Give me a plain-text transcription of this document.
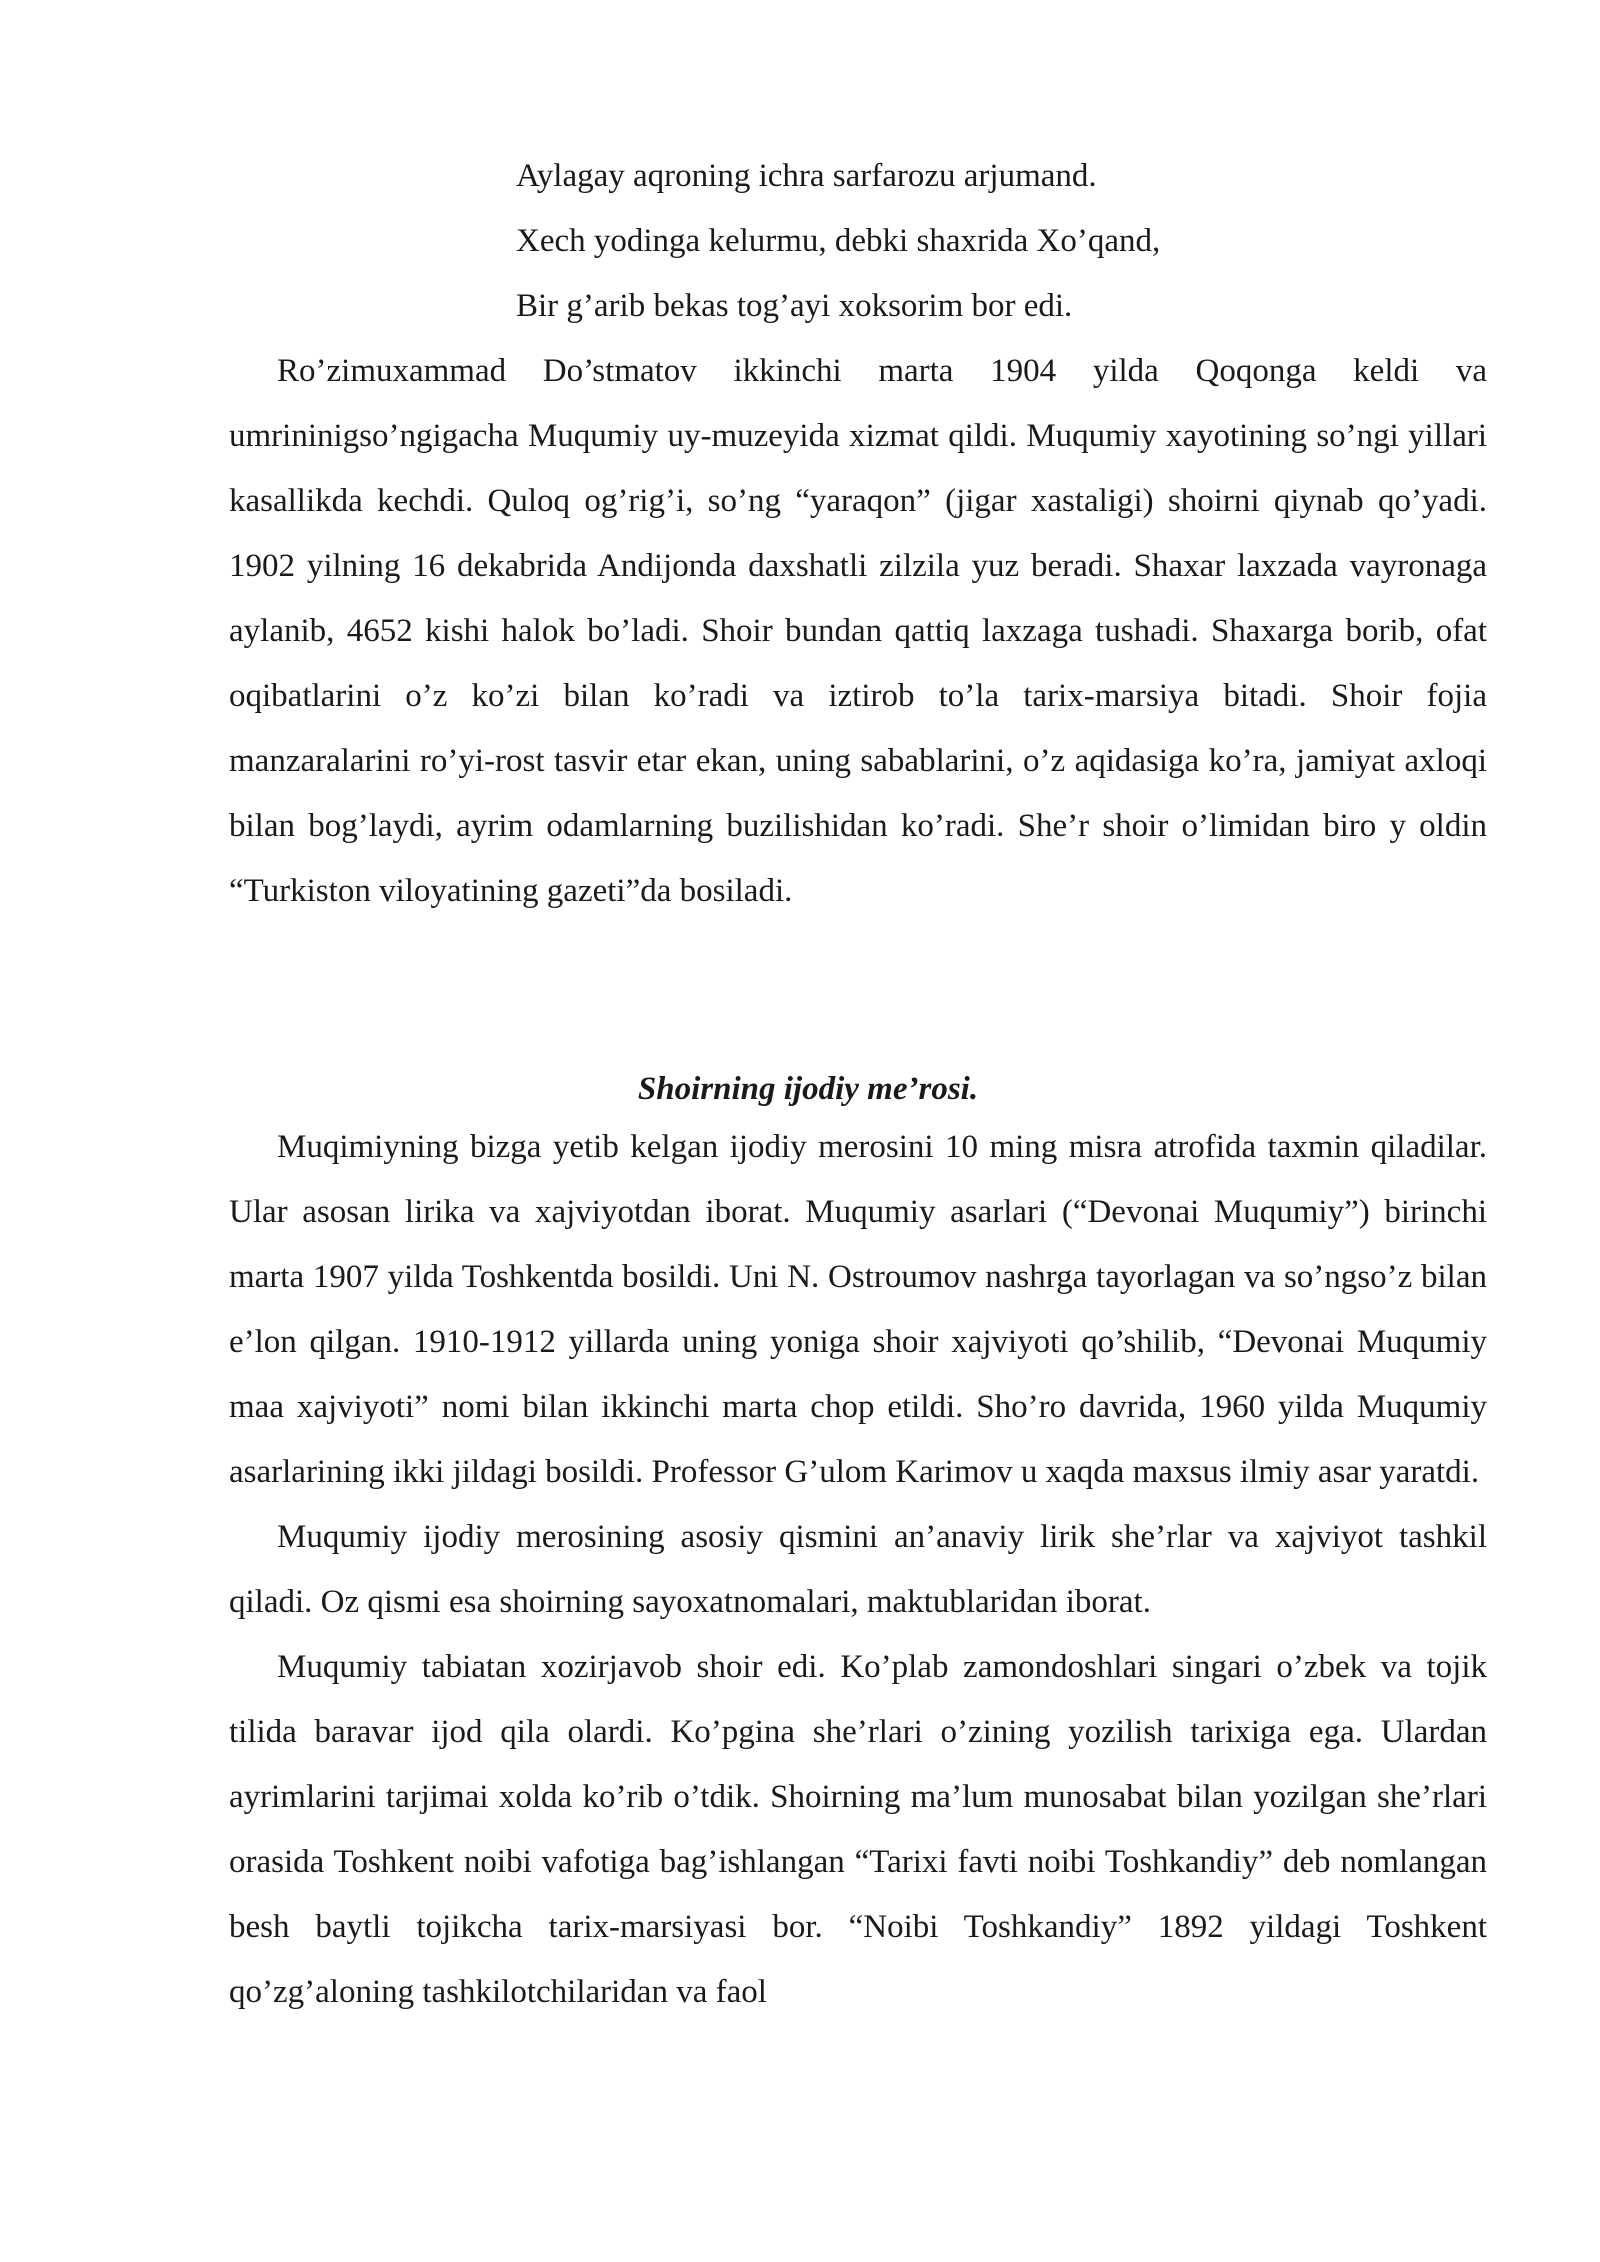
Aylagay aqroning ichra sarfarozu arjumand.
Xech yodinga kelurmu, debki shaxrida Xo’qand,
Bir g’arib bekas tog’ayi xoksorim bor edi.

Ro’zimuxammad Do’stmatov ikkinchi marta 1904 yilda Qoqonga keldi va umrininigso’ngigacha Muqumiy uy-muzeyida xizmat qildi. Muqumiy xayotining so’ngi yillari kasallikda kechdi. Quloq og’rig’i, so’ng “yaraqon” (jigar xastaligi) shoirni qiynab qo’yadi. 1902 yilning 16 dekabrida Andijonda daxshatli zilzila yuz beradi. Shaxar laxzada vayronaga aylanib, 4652 kishi halok bo’ladi. Shoir bundan qattiq laxzaga tushadi. Shaxarga borib, ofat oqibatlarini o’z ko’zi bilan ko’radi va iztirob to’la tarix-marsiya bitadi. Shoir fojia manzaralarini ro’yi-rost tasvir etar ekan, uning sabablarini, o’z aqidasiga ko’ra, jamiyat axloqi bilan bog’laydi, ayrim odamlarning buzilishidan ko’radi. She’r shoir o’limidan biro y oldin “Turkiston viloyatining gazeti”da bosiladi.

Shoirning ijodiy me’rosi.

Muqimiyning bizga yetib kelgan ijodiy merosini 10 ming misra atrofida taxmin qiladilar. Ular asosan lirika va xajviyotdan iborat. Muqumiy asarlari (“Devonai Muqumiy”) birinchi marta 1907 yilda Toshkentda bosildi. Uni N. Ostroumov nashrga tayorlagan va so’ngso’z bilan e’lon qilgan. 1910-1912 yillarda uning yoniga shoir xajviyoti qo’shilib, “Devonai Muqumiy maa xajviyoti” nomi bilan ikkinchi marta chop etildi. Sho’ro davrida, 1960 yilda Muqumiy asarlarining ikki jildagi bosildi. Professor G’ulom Karimov u xaqda maxsus ilmiy asar yaratdi.

Muqumiy ijodiy merosining asosiy qismini an’anaviy lirik she’rlar va xajviyot tashkil qiladi. Oz qismi esa shoirning sayoxatnomalari, maktublaridan iborat.

Muqumiy tabiatan xozirjavob shoir edi. Ko’plab zamondoshlari singari o’zbek va tojik tilida baravar ijod qila olardi. Ko’pgina she’rlari o’zining yozilish tarixiga ega. Ulardan ayrimlarini tarjimai xolda ko’rib o’tdik. Shoirning ma’lum munosabat bilan yozilgan she’rlari orasida Toshkent noibi vafotiga bag’ishlangan “Tarixi favti noibi Toshkandiy” deb nomlangan besh baytli tojikcha tarix-marsiyasi bor. “Noibi Toshkandiy” 1892 yildagi Toshkent qo’zg’aloning tashkilotchilaridan va faol
